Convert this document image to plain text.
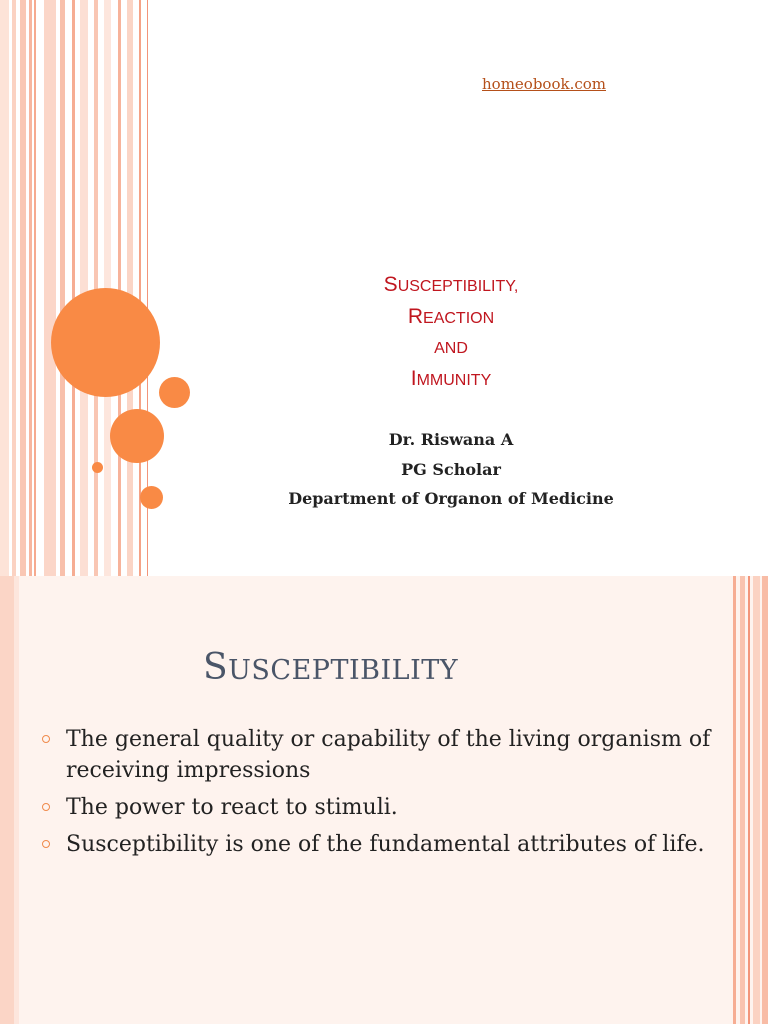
homeobook.com
SUSCEPTIBILITY,
REACTION
AND
IMMUNITY
Dr. Riswana A
PG Scholar
Department of Organon of Medicine
SUSCEPTIBILITY
The general quality or capability of the living organism of receiving impressions
The power to react to stimuli.
Susceptibility is one of the fundamental attributes of life.
